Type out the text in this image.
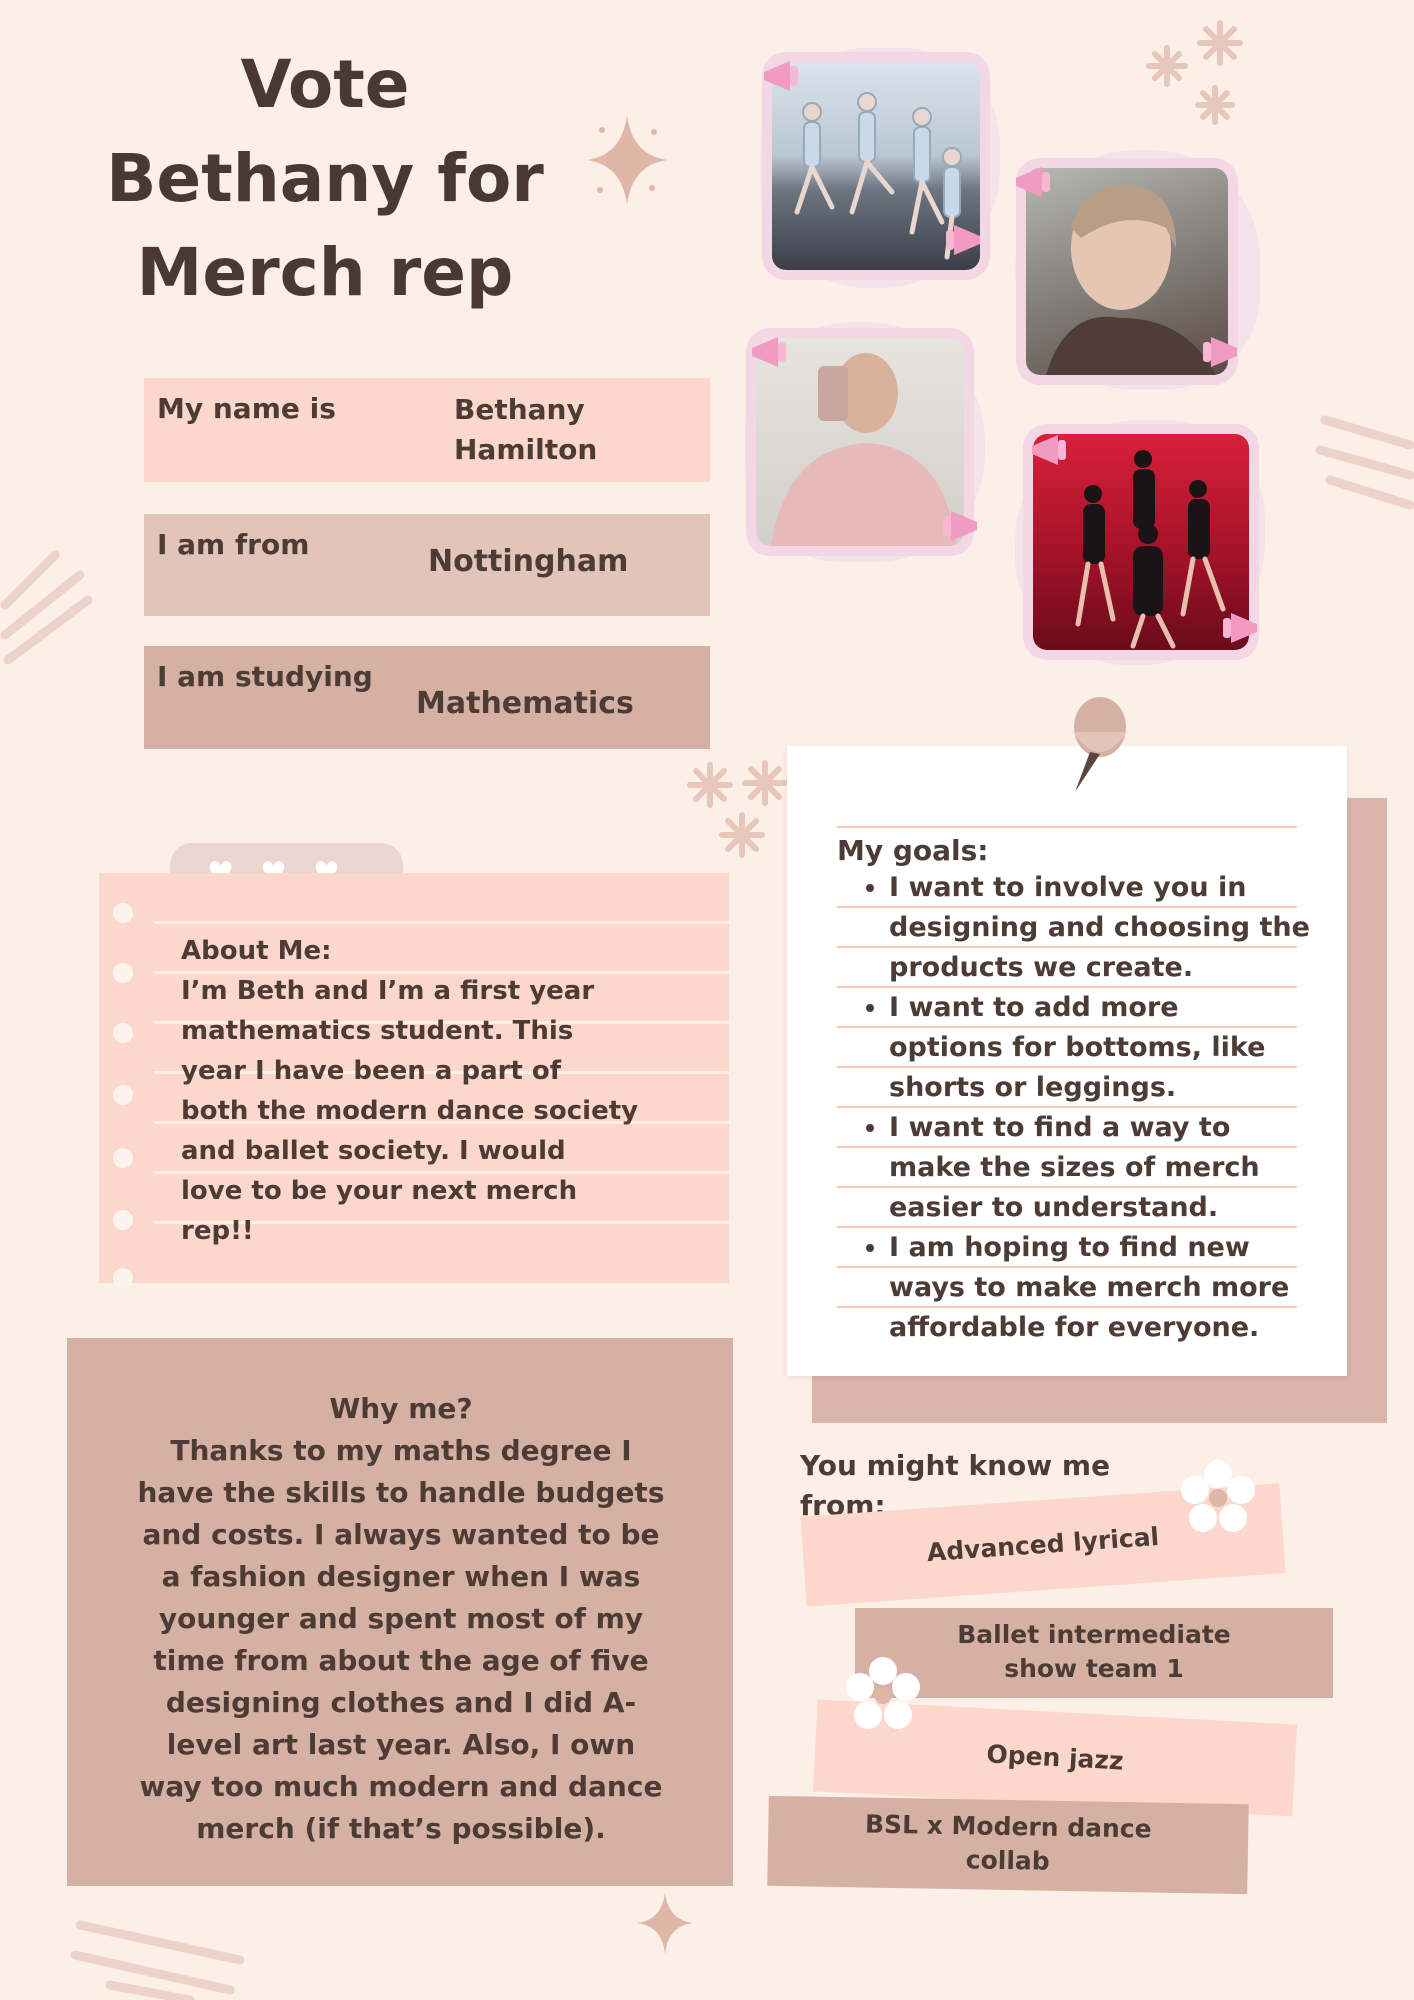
Vote
Bethany for
Merch rep
My name is	Bethany
Hamilton
I am from	Nottingham
I am studying
Mathematics
About Me:
I’m Beth and I’m a first year
mathematics student. This
year I have been a part of
both the modern dance society
and ballet society. I would
love to be your next merch
rep!!
My goals:
• I want to involve you in
designing and choosing the
products we create.
• I want to add more
options for bottoms, like
shorts or leggings.
• I want to find a way to
make the sizes of merch
easier to understand.
• I am hoping to find new
ways to make merch more
affordable for everyone.
Why me?
Thanks to my maths degree I
have the skills to handle budgets
and costs. I always wanted to be
a fashion designer when I was
younger and spent most of my
time from about the age of five
designing clothes and I did A-
level art last year. Also, I own
way too much modern and dance
merch (if that’s possible).
You might know me
from:
Advanced lyrical
Ballet intermediate
show team 1
Open jazz
BSL x Modern dance
collab
